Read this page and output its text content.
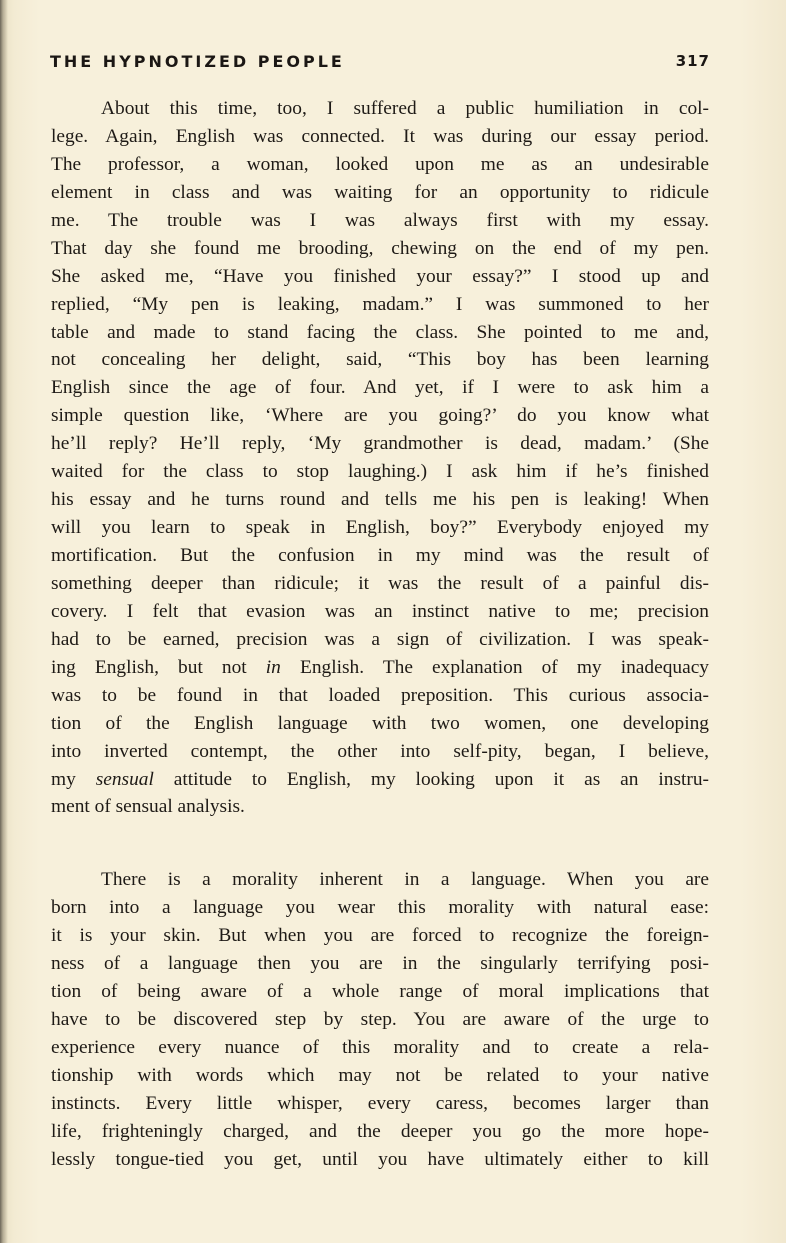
THE HYPNOTIZED PEOPLE	317
About this time, too, I suffered a public humiliation in col-
lege. Again, English was connected. It was during our essay period.
The professor, a woman, looked upon me as an undesirable
element in class and was waiting for an opportunity to ridicule
me. The trouble was I was always first with my essay.
That day she found me brooding, chewing on the end of my pen.
She asked me, “Have you finished your essay?” I stood up and
replied, “My pen is leaking, madam.” I was summoned to her
table and made to stand facing the class. She pointed to me and,
not concealing her delight, said, “This boy has been learning
English since the age of four. And yet, if I were to ask him a
simple question like, ‘Where are you going?’ do you know what
he’ll reply? He’ll reply, ‘My grandmother is dead, madam.’ (She
waited for the class to stop laughing.) I ask him if he’s finished
his essay and he turns round and tells me his pen is leaking! When
will you learn to speak in English, boy?” Everybody enjoyed my
mortification. But the confusion in my mind was the result of
something deeper than ridicule; it was the result of a painful dis-
covery. I felt that evasion was an instinct native to me; precision
had to be earned, precision was a sign of civilization. I was speak-
ing English, but not in English. The explanation of my inadequacy
was to be found in that loaded preposition. This curious associa-
tion of the English language with two women, one developing
into inverted contempt, the other into self-pity, began, I believe,
my sensual attitude to English, my looking upon it as an instru-
ment of sensual analysis.
There is a morality inherent in a language. When you are
born into a language you wear this morality with natural ease:
it is your skin. But when you are forced to recognize the foreign-
ness of a language then you are in the singularly terrifying posi-
tion of being aware of a whole range of moral implications that
have to be discovered step by step. You are aware of the urge to
experience every nuance of this morality and to create a rela-
tionship with words which may not be related to your native
instincts. Every little whisper, every caress, becomes larger than
life, frighteningly charged, and the deeper you go the more hope-
lessly tongue-tied you get, until you have ultimately either to kill
